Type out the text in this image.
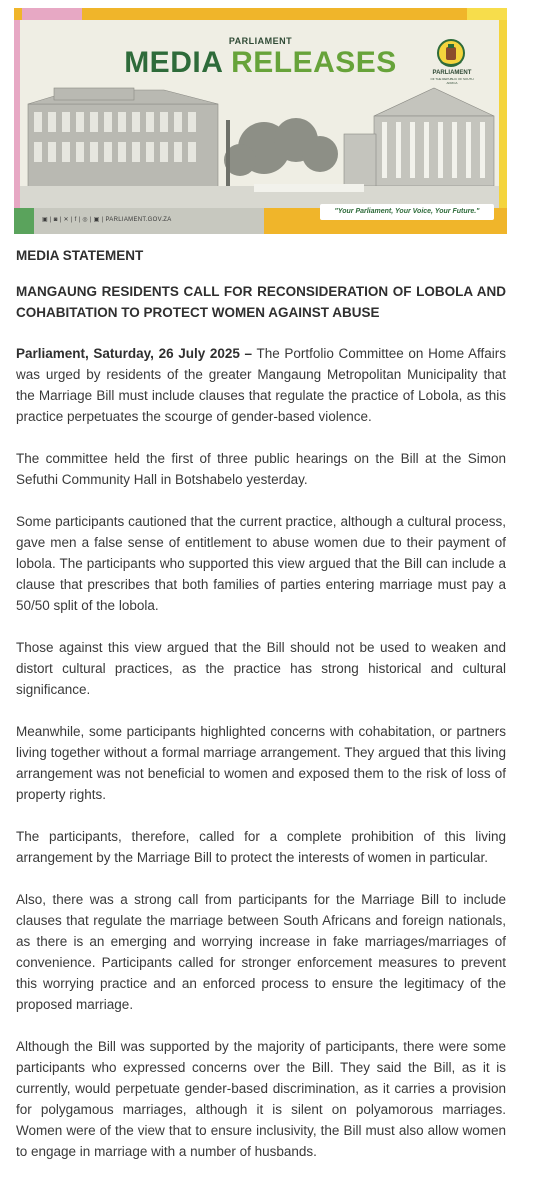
PARLIAMENT
MEDIA RELEASES	PARLIAMENT
OF THE REPUBLIC OF SOUTH AFRICA
▣ | ◙ | ✕ | f | ◎ | ▣ | PARLIAMENT.GOV.ZA
"Your Parliament, Your Voice, Your Future."

MEDIA STATEMENT

MANGAUNG RESIDENTS CALL FOR RECONSIDERATION OF LOBOLA AND COHABITATION TO PROTECT WOMEN AGAINST ABUSE

Parliament, Saturday, 26 July 2025 – The Portfolio Committee on Home Affairs was urged by residents of the greater Mangaung Metropolitan Municipality that the Marriage Bill must include clauses that regulate the practice of Lobola, as this practice perpetuates the scourge of gender-based violence.

The committee held the first of three public hearings on the Bill at the Simon Sefuthi Community Hall in Botshabelo yesterday.

Some participants cautioned that the current practice, although a cultural process, gave men a false sense of entitlement to abuse women due to their payment of lobola. The participants who supported this view argued that the Bill can include a clause that prescribes that both families of parties entering marriage must pay a 50/50 split of the lobola.

Those against this view argued that the Bill should not be used to weaken and distort cultural practices, as the practice has strong historical and cultural significance.

Meanwhile, some participants highlighted concerns with cohabitation, or partners living together without a formal marriage arrangement. They argued that this living arrangement was not beneficial to women and exposed them to the risk of loss of property rights.

The participants, therefore, called for a complete prohibition of this living arrangement by the Marriage Bill to protect the interests of women in particular.

Also, there was a strong call from participants for the Marriage Bill to include clauses that regulate the marriage between South Africans and foreign nationals, as there is an emerging and worrying increase in fake marriages/marriages of convenience. Participants called for stronger enforcement measures to prevent this worrying practice and an enforced process to ensure the legitimacy of the proposed marriage.

Although the Bill was supported by the majority of participants, there were some participants who expressed concerns over the Bill. They said the Bill, as it is currently, would perpetuate gender-based discrimination, as it carries a provision for polygamous marriages, although it is silent on polyamorous marriages. Women were of the view that to ensure inclusivity, the Bill must also allow women to engage in marriage with a number of husbands.
